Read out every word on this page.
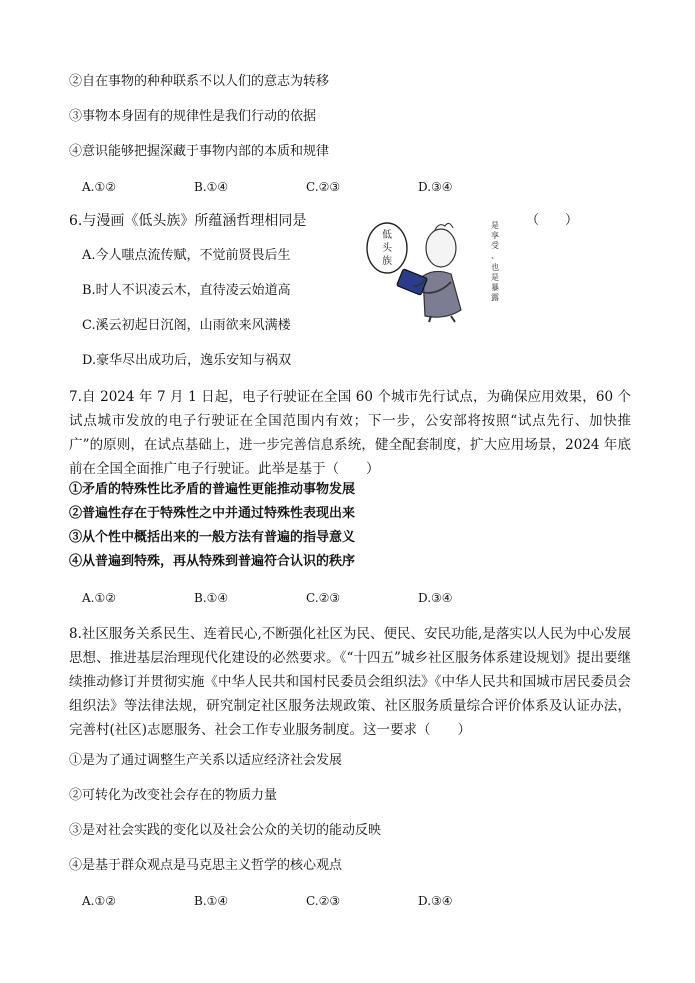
②自在事物的种种联系不以人们的意志为转移
③事物本身固有的规律性是我们行动的依据
④意识能够把握深藏于事物内部的本质和规律
A.①②	B.①④	C.②③	D.③④
6.与漫画《低头族》所蕴涵哲理相同是	（　　）
A.今人嗤点流传赋，不觉前贤畏后生
B.时人不识凌云木，直待凌云始道高
C.溪云初起日沉阁，山雨欲来风满楼
D.豪华尽出成功后，逸乐安知与祸双
低
头
族
是
享
受
、
也
是
暴
露
7.自 2024 年 7 月 1 日起，电子行驶证在全国 60 个城市先行试点，为确保应用效果，60 个试点城市发放的电子行驶证在全国范围内有效；下一步，公安部将按照“试点先行、加快推广”的原则，在试点基础上，进一步完善信息系统，健全配套制度，扩大应用场景，2024 年底前在全国全面推广电子行驶证。此举是基于（　　）
①矛盾的特殊性比矛盾的普遍性更能推动事物发展
②普遍性存在于特殊性之中并通过特殊性表现出来
③从个性中概括出来的一般方法有普遍的指导意义
④从普遍到特殊，再从特殊到普遍符合认识的秩序
A.①②	B.①④	C.②③	D.③④
8.社区服务关系民生、连着民心,不断强化社区为民、便民、安民功能,是落实以人民为中心发展思想、推进基层治理现代化建设的必然要求。《“十四五”城乡社区服务体系建设规划》提出要继续推动修订并贯彻实施《中华人民共和国村民委员会组织法》《中华人民共和国城市居民委员会组织法》等法律法规，研究制定社区服务法规政策、社区服务质量综合评价体系及认证办法，完善村(社区)志愿服务、社会工作专业服务制度。这一要求（　　）
①是为了通过调整生产关系以适应经济社会发展
②可转化为改变社会存在的物质力量
③是对社会实践的变化以及社会公众的关切的能动反映
④是基于群众观点是马克思主义哲学的核心观点
A.①②	B.①④	C.②③	D.③④
